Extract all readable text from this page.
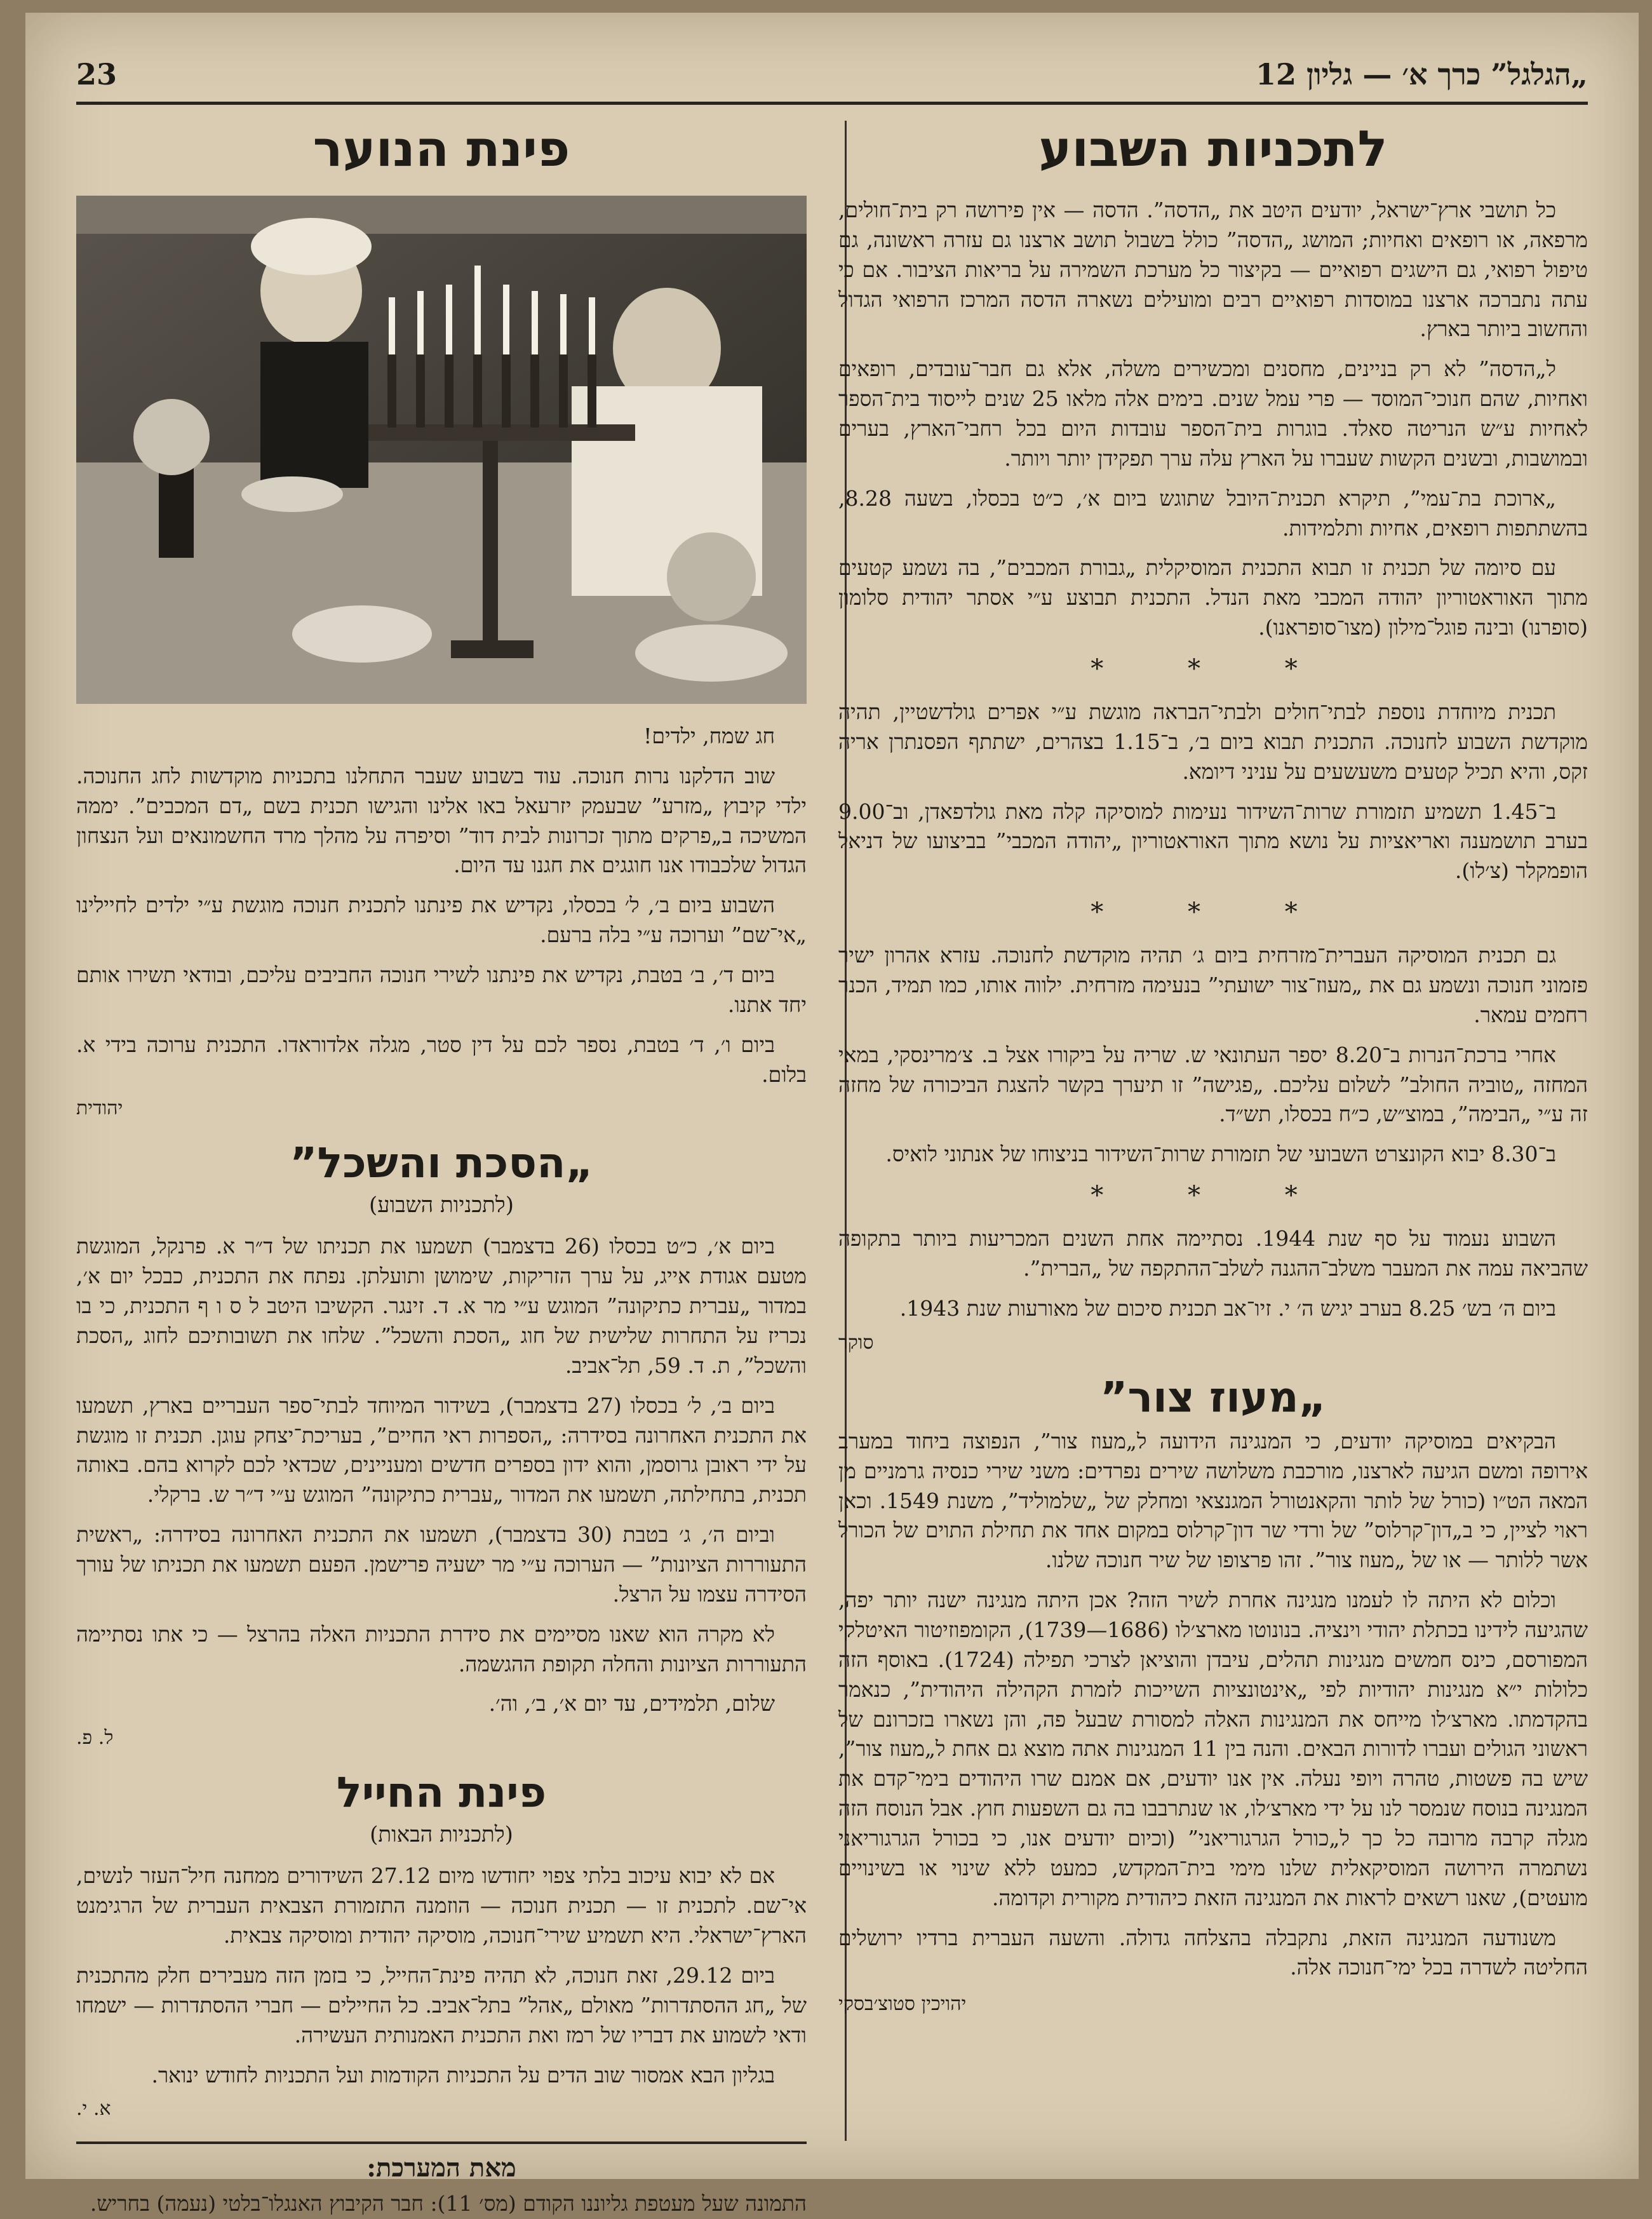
„הגלגל” כרך א׳ — גליון 12
23
לתכניות השבוע

כל תושבי ארץ־ישראל, יודעים היטב את „הדסה”. הדסה — אין פירושה רק בית־חולים, מרפאה, או רופאים ואחיות; המושג „הדסה” כולל בשבול תושב ארצנו גם עזרה ראשונה, גם טיפול רפואי, גם הישגים רפואיים — בקיצור כל מערכת השמירה על בריאות הציבור. אם כי עתה נתברכה ארצנו במוסדות רפואיים רבים ומועילים נשארה הדסה המרכז הרפואי הגדול והחשוב ביותר בארץ.

ל„הדסה” לא רק בניינים, מחסנים ומכשירים משלה, אלא גם חבר־עובדים, רופאים ואחיות, שהם חנוכי־המוסד — פרי עמל שנים. בימים אלה מלאו 25 שנים לייסוד בית־הספר לאחיות ע״ש הנריטה סאלד. בוגרות בית־הספר עובדות היום בכל רחבי־הארץ, בערים ובמושבות, ובשנים הקשות שעברו על הארץ עלה ערך תפקידן יותר ויותר.

„ארוכת בת־עמי”, תיקרא תכנית־היובל שתוגש ביום א׳, כ״ט בכסלו, בשעה 8.28, בהשתתפות רופאים, אחיות ותלמידות.

עם סיומה של תכנית זו תבוא התכנית המוסיקלית „גבורת המכבים”, בה נשמע קטעים מתוך האוראטוריון יהודה המכבי מאת הנדל. התכנית תבוצע ע״י אסתר יהודית סלומון (סופרנו) ובינה פוגל־מילון (מצו־סופראנו).

* * *

תכנית מיוחדת נוספת לבתי־חולים ולבתי־הבראה מוגשת ע״י אפרים גולדשטיין, תהיה מוקדשת השבוע לחנוכה. התכנית תבוא ביום ב׳, ב־1.15 בצהרים, ישתתף הפסנתרן אריה זקס, והיא תכיל קטעים משעשעים על עניני דיומא.

ב־1.45 תשמיע תזמורת שרות־השידור נעימות למוסיקה קלה מאת גולדפאדן, וב־9.00 בערב תושמענה ואריאציות על נושא מתוך האוראטוריון „יהודה המכבי” בביצועו של דניאל הופמקלר (צ׳לו).

* * *

גם תכנית המוסיקה העברית־מזרחית ביום ג׳ תהיה מוקדשת לחנוכה. עזרא אהרון ישיר פזמוני חנוכה ונשמע גם את „מעוז־צור ישועתי” בנעימה מזרחית. ילווה אותו, כמו תמיד, הכנר רחמים עמאר.

אחרי ברכת־הנרות ב־8.20 יספר העתונאי ש. שריה על ביקורו אצל ב. צ׳מרינסקי, במאי המחזה „טוביה החולב” לשלום עליכם. „פגישה” זו תיערך בקשר להצגת הביכורה של מחזה זה ע״י „הבימה”, במוצ״ש, כ״ח בכסלו, תש״ד.

ב־8.30 יבוא הקונצרט השבועי של תזמורת שרות־השידור בניצוחו של אנתוני לואיס.

* * *

השבוע נעמוד על סף שנת 1944. נסתיימה אחת השנים המכריעות ביותר בתקופה שהביאה עמה את המעבר משלב־ההגנה לשלב־ההתקפה של „הברית”.

ביום ה׳ בש׳ 8.25 בערב יגיש ה׳ י. זיו־אב תכנית סיכום של מאורעות שנת 1943.

סוקר
„מעוז צור”

הבקיאים במוסיקה יודעים, כי המנגינה הידועה ל„מעוז צור”, הנפוצה ביחוד במערב אירופה ומשם הגיעה לארצנו, מורכבת משלושה שירים נפרדים: משני שירי כנסיה גרמניים מן המאה הט״ו (כורל של לותר והקאנטורל המגנצאי ומחלק של „שלמוליד”, משנת 1549. וכאן ראוי לציין, כי ב„דון־קרלוס” של ורדי שר דון־קרלוס במקום אחד את תחילת התוים של הכורל אשר ללותר — או של „מעוז צור”. זהו פרצופו של שיר חנוכה שלנו.

וכלום לא היתה לו לעמנו מנגינה אחרת לשיר הזה? אכן היתה מנגינה ישנה יותר יפה, שהגיעה לידינו בכתלת יהודי וינציה. בנונוטו מארצ׳לו (1686—1739), הקומפוזיטור האיטלקי המפורסם, כינס חמשים מנגינות תהלים, עיבדן והוציאן לצרכי תפילה (1724). באוסף הזה כלולות י״א מנגינות יהודיות לפי „אינטונציות השייכות לזמרת הקהילה היהודית”, כנאמר בהקדמתו. מארצ׳לו מייחס את המנגינות האלה למסורת שבעל פה, והן נשארו בזכרונם של ראשוני הגולים ועברו לדורות הבאים. והנה בין 11 המנגינות אתה מוצא גם אחת ל„מעוז צור”, שיש בה פשטות, טהרה ויופי נעלה. אין אנו יודעים, אם אמנם שרו היהודים בימי־קדם את המנגינה בנוסח שנמסר לנו על ידי מארצ׳לו, או שנתרבבו בה גם השפעות חוץ. אבל הנוסח הזה מגלה קרבה מרובה כל כך ל„כורל הגרגוריאני” (וכיום יודעים אנו, כי בכורל הגרגוריאני נשתמרה הירושה המוסיקאלית שלנו מימי בית־המקדש, כמעט ללא שינוי או בשינויים מועטים), שאנו רשאים לראות את המנגינה הזאת כיהודית מקורית וקדומה.

משנודעה המנגינה הזאת, נתקבלה בהצלחה גדולה. והשעה העברית ברדיו ירושלים החליטה לשדרה בכל ימי־חנוכה אלה.

יהויכין סטוצ׳בסקי
פינת הנוער

חג שמח, ילדים!

שוב הדלקנו נרות חנוכה. עוד בשבוע שעבר התחלנו בתכניות מוקדשות לחג החנוכה. ילדי קיבוץ „מזרע” שבעמק יזרעאל באו אלינו והגישו תכנית בשם „דם המכבים”. יממה המשיכה ב„פרקים מתוך זכרונות לבית דוד” וסיפרה על מהלך מרד החשמונאים ועל הנצחון הגדול שלכבודו אנו חוגגים את חגנו עד היום.

השבוע ביום ב׳, ל׳ בכסלו, נקדיש את פינתנו לתכנית חנוכה מוגשת ע״י ילדים לחיילינו „אי־שם” וערוכה ע״י בלה ברעם.

ביום ד׳, ב׳ בטבת, נקדיש את פינתנו לשירי חנוכה החביבים עליכם, ובודאי תשירו אותם יחד אתנו.

ביום ו׳, ד׳ בטבת, נספר לכם על דין סטר, מגלה אלדוראדו. התכנית ערוכה בידי א. בלום.

יהודית
„הסכת והשכל”
(לתכניות השבוע)

ביום א׳, כ״ט בכסלו (26 בדצמבר) תשמעו את תכניתו של ד״ר א. פרנקל, המוגשת מטעם אגודת אייג, על ערך הזריקות, שימושן ותועלתן. נפתח את התכנית, כבכל יום א׳, במדור „עברית כתיקונה” המוגש ע״י מר א. ד. זינגר. הקשיבו היטב ל ס ו ף התכנית, כי בו נכריז על התחרות שלישית של חוג „הסכת והשכל”. שלחו את תשובותיכם לחוג „הסכת והשכל”, ת. ד. 59, תל־אביב.

ביום ב׳, ל׳ בכסלו (27 בדצמבר), בשידור המיוחד לבתי־ספר העבריים בארץ, תשמעו את התכנית האחרונה בסידרה: „הספרות ראי החיים”, בעריכת־יצחק עוגן. תכנית זו מוגשת על ידי ראובן גרוסמן, והוא ידון בספרים חדשים ומעניינים, שכדאי לכם לקרוא בהם. באותה תכנית, בתחילתה, תשמעו את המדור „עברית כתיקונה” המוגש ע״י ד״ר ש. ברקלי.

וביום ה׳, ג׳ בטבת (30 בדצמבר), תשמעו את התכנית האחרונה בסידרה: „ראשית התעוררות הציונות” — הערוכה ע״י מר ישעיה פרישמן. הפעם תשמעו את תכניתו של עורך הסידרה עצמו על הרצל.

לא מקרה הוא שאנו מסיימים את סידרת התכניות האלה בהרצל — כי אתו נסתיימה התעוררות הציונות והחלה תקופת ההגשמה.

שלום, תלמידים, עד יום א׳, ב׳, וה׳.

ל. פ.
פינת החייל
(לתכניות הבאות)

אם לא יבוא עיכוב בלתי צפוי יחודשו מיום 27.12 השידורים ממחנה חיל־העזר לנשים, אי־שם. לתכנית זו — תכנית חנוכה — הוזמנה התזמורת הצבאית העברית של הרגימנט הארץ־ישראלי. היא תשמיע שירי־חנוכה, מוסיקה יהודית ומוסיקה צבאית.

ביום 29.12, זאת חנוכה, לא תהיה פינת־החייל, כי בזמן הזה מעבירים חלק מהתכנית של „חג ההסתדרות” מאולם „אהל” בתל־אביב. כל החיילים — חברי ההסתדרות — ישמחו ודאי לשמוע את דבריו של רמז ואת התכנית האמנותית העשירה.

בגליון הבא אמסור שוב הדים על התכניות הקודמות ועל התכניות לחודש ינואר.

א. י.
מאת המערכת:

התמונה שעל מעטפת גליוננו הקודם (מס׳ 11): חבר הקיבוץ האנגלו־בלטי (נעמה) בחריש.
